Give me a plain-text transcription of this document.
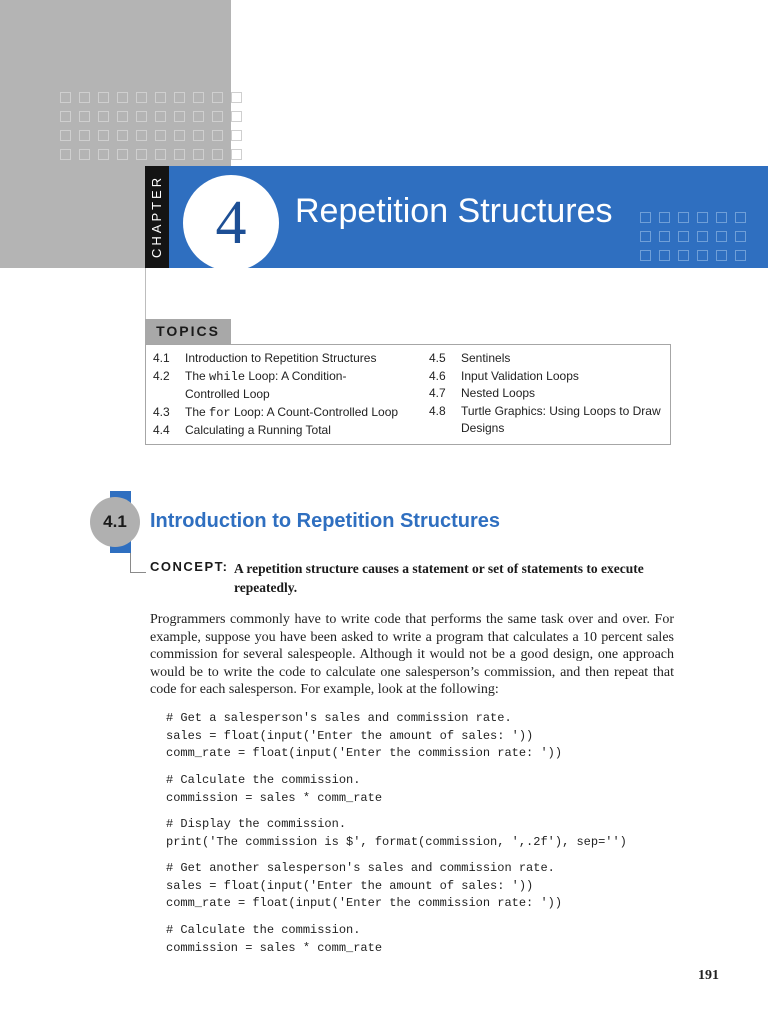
CHAPTER 4	Repetition Structures
TOPICS
4.1	Introduction to Repetition Structures
4.2	The while Loop: A Condition-
Controlled Loop
4.3	The for Loop: A Count-Controlled Loop
4.4	Calculating a Running Total
4.5	Sentinels
4.6	Input Validation Loops
4.7	Nested Loops
4.8	Turtle Graphics: Using Loops to Draw
Designs
4.1	Introduction to Repetition Structures
CONCEPT: A repetition structure causes a statement or set of statements to execute repeatedly.
Programmers commonly have to write code that performs the same task over and over. For example, suppose you have been asked to write a program that calculates a 10 percent sales commission for several salespeople. Although it would not be a good design, one approach would be to write the code to calculate one salesperson’s commission, and then repeat that code for each salesperson. For example, look at the following:
# Get a salesperson's sales and commission rate.
sales = float(input('Enter the amount of sales: '))
comm_rate = float(input('Enter the commission rate: '))
# Calculate the commission.
commission = sales * comm_rate
# Display the commission.
print('The commission is $', format(commission, ',.2f'), sep='')
# Get another salesperson's sales and commission rate.
sales = float(input('Enter the amount of sales: '))
comm_rate = float(input('Enter the commission rate: '))
# Calculate the commission.
commission = sales * comm_rate
191
